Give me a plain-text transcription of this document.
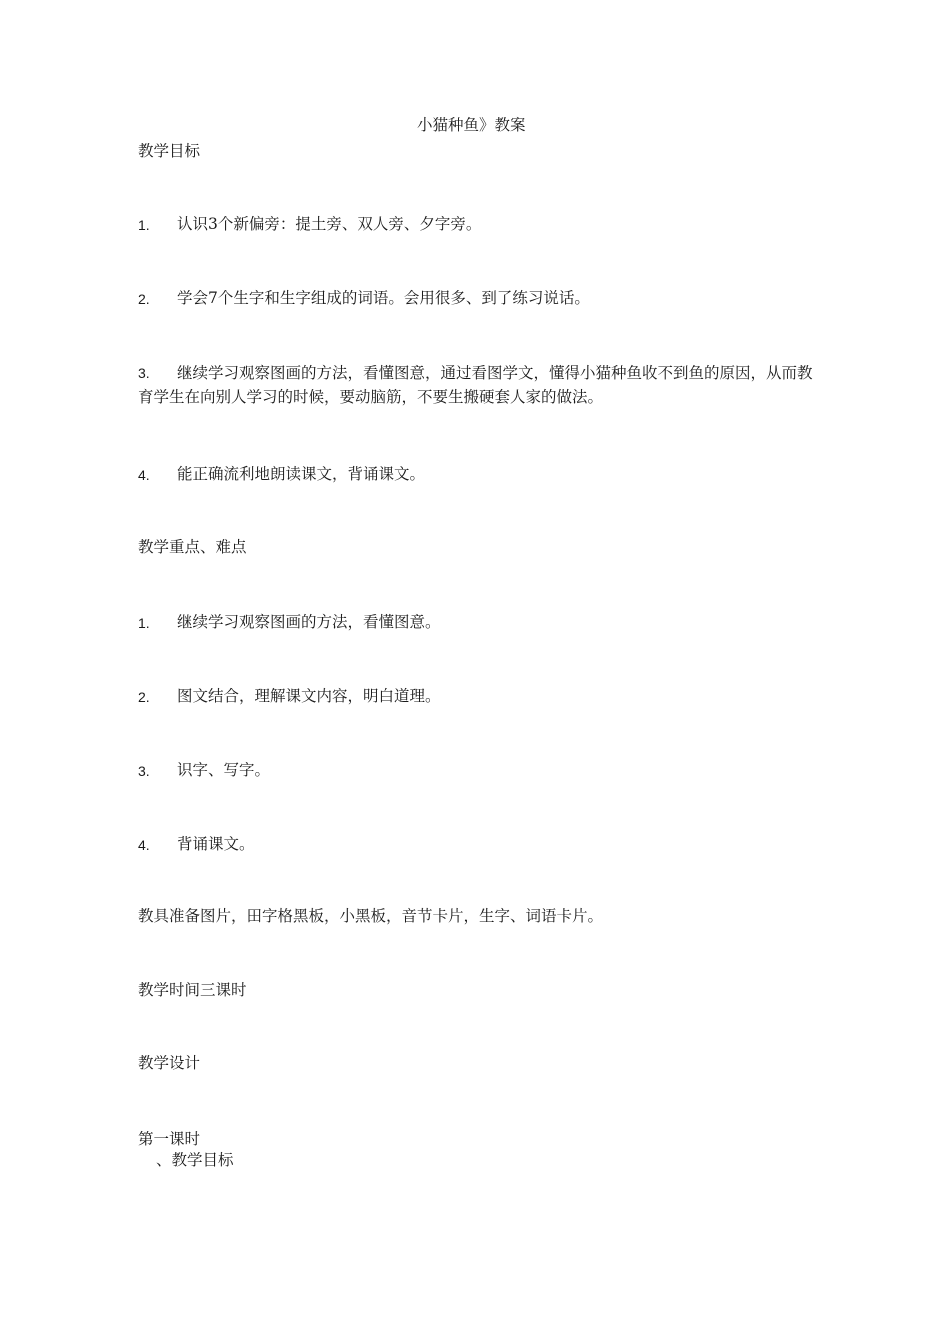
小猫种鱼》教案
教学目标
1. 认识3个新偏旁：提土旁、双人旁、夕字旁。
2. 学会7个生字和生字组成的词语。会用很多、到了练习说话。
3. 继续学习观察图画的方法，看懂图意，通过看图学文，懂得小猫种鱼收不到鱼的原因，从而教育学生在向别人学习的时候，要动脑筋，不要生搬硬套人家的做法。
4. 能正确流利地朗读课文，背诵课文。
教学重点、难点
1. 继续学习观察图画的方法，看懂图意。
2. 图文结合，理解课文内容，明白道理。
3. 识字、写字。
4. 背诵课文。
教具准备图片，田字格黑板，小黑板，音节卡片，生字、词语卡片。
教学时间三课时
教学设计
第一课时
、教学目标
